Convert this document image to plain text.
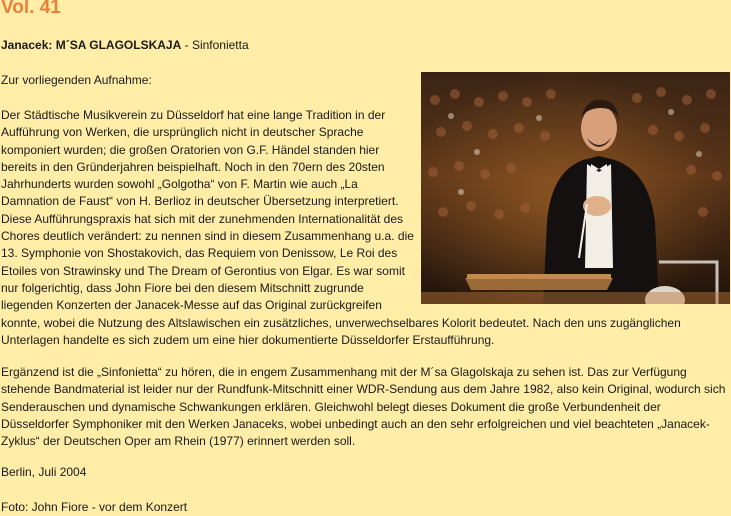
Vol. 41

Janacek: M´SA GLAGOLSKAJA - Sinfonietta

Zur vorliegenden Aufnahme:

Der Städtische Musikverein zu Düsseldorf hat eine lange Tradition in der Aufführung von Werken, die ursprünglich nicht in deutscher Sprache komponiert wurden; die großen Oratorien von G.F. Händel standen hier bereits in den Gründerjahren beispielhaft. Noch in den 70ern des 20sten Jahrhunderts wurden sowohl „Golgotha“ von F. Martin wie auch „La Damnation de Faust“ von H. Berlioz in deutscher Übersetzung interpretiert. Diese Aufführungspraxis hat sich mit der zunehmenden Internationalität des Chores deutlich verändert: zu nennen sind in diesem Zusammenhang u.a. die 13. Symphonie von Shostakovich, das Requiem von Denissow, Le Roi des Etoiles von Strawinsky und The Dream of Gerontius von Elgar. Es war somit nur folgerichtig, dass John Fiore bei den diesem Mitschnitt zugrunde liegenden Konzerten der Janacek-Messe auf das Original zurückgreifen konnte, wobei die Nutzung des Altslawischen ein zusätzliches, unverwechselbares Kolorit bedeutet. Nach den uns zugänglichen Unterlagen handelte es sich zudem um eine hier dokumentierte Düsseldorfer Erstaufführung.

Ergänzend ist die „Sinfonietta“ zu hören, die in engem Zusammenhang mit der M´sa Glagolskaja zu sehen ist. Das zur Verfügung stehende Bandmaterial ist leider nur der Rundfunk-Mitschnitt einer WDR-Sendung aus dem Jahre 1982, also kein Original, wodurch sich Senderauschen und dynamische Schwankungen erklären. Gleichwohl belegt dieses Dokument die große Verbundenheit der Düsseldorfer Symphoniker mit den Werken Janaceks, wobei unbedingt auch an den sehr erfolgreichen und viel beachteten „Janacek-Zyklus“ der Deutschen Oper am Rhein (1977) erinnert werden soll.

Berlin, Juli 2004

Foto: John Fiore - vor dem Konzert
